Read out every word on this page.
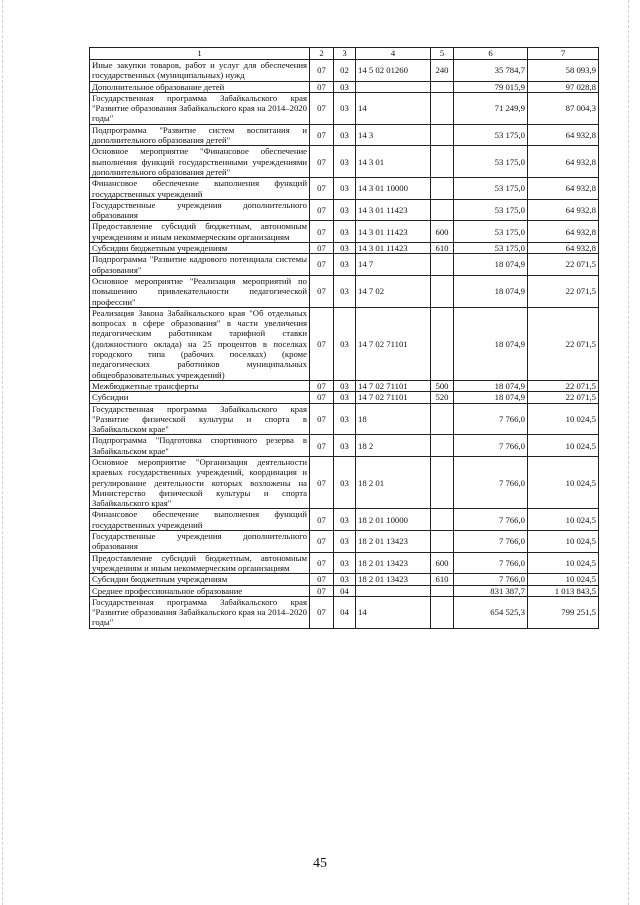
1	2	3	4	5	6	7
Иные закупки товаров, работ и услуг для обеспечения государственных (муниципальных) нужд	07	02	14 5 02 01260	240	35 784,7	58 093,9
Дополнительное образование детей	07	03			79 015,9	97 028,8
Государственная программа Забайкальского края "Развитие образования Забайкальского края на 2014–2020 годы"	07	03	14		71 249,9	87 004,3
Подпрограмма "Развитие систем воспитания и дополнительного образования детей"	07	03	14 3		53 175,0	64 932,8
Основное мероприятие "Финансовое обеспечение выполнения функций государственными учреждениями дополнительного образования детей"	07	03	14 3 01		53 175,0	64 932,8
Финансовое обеспечение выполнения функций государственных учреждений	07	03	14 3 01 10000		53 175,0	64 932,8
Государственные учреждения дополнительного образования	07	03	14 3 01 11423		53 175,0	64 932,8
Предоставление субсидий бюджетным, автономным учреждениям и иным некоммерческим организациям	07	03	14 3 01 11423	600	53 175,0	64 932,8
Субсидии бюджетным учреждениям	07	03	14 3 01 11423	610	53 175,0	64 932,8
Подпрограмма "Развитие кадрового потенциала системы образования"	07	03	14 7		18 074,9	22 071,5
Основное мероприятие "Реализация мероприятий по повышению привлекательности педагогической профессии"	07	03	14 7 02		18 074,9	22 071,5
Реализация Закона Забайкальского края "Об отдельных вопросах в сфере образования" в части увеличения педагогическим работникам тарифной ставки (должностного оклада) на 25 процентов в поселках городского типа (рабочих поселках) (кроме педагогических работников муниципальных общеобразовательных учреждений)	07	03	14 7 02 71101		18 074,9	22 071,5
Межбюджетные трансферты	07	03	14 7 02 71101	500	18 074,9	22 071,5
Субсидии	07	03	14 7 02 71101	520	18 074,9	22 071,5
Государственная программа Забайкальского края "Развитие физической культуры и спорта в Забайкальском крае"	07	03	18		7 766,0	10 024,5
Подпрограмма "Подготовка спортивного резерва в Забайкальском крае"	07	03	18 2		7 766,0	10 024,5
Основное мероприятие "Организация деятельности краевых государственных учреждений, координация и регулирование деятельности которых возложены на Министерство физической культуры и спорта Забайкальского края"	07	03	18 2 01		7 766,0	10 024,5
Финансовое обеспечение выполнения функций государственных учреждений	07	03	18 2 01 10000		7 766,0	10 024,5
Государственные учреждения дополнительного образования	07	03	18 2 01 13423		7 766,0	10 024,5
Предоставление субсидий бюджетным, автономным учреждениям и иным некоммерческим организациям	07	03	18 2 01 13423	600	7 766,0	10 024,5
Субсидии бюджетным учреждениям	07	03	18 2 01 13423	610	7 766,0	10 024,5
Среднее профессиональное образование	07	04			831 387,7	1 013 843,5
Государственная программа Забайкальского края "Развитие образования Забайкальского края на 2014–2020 годы"	07	04	14		654 525,3	799 251,5
45
